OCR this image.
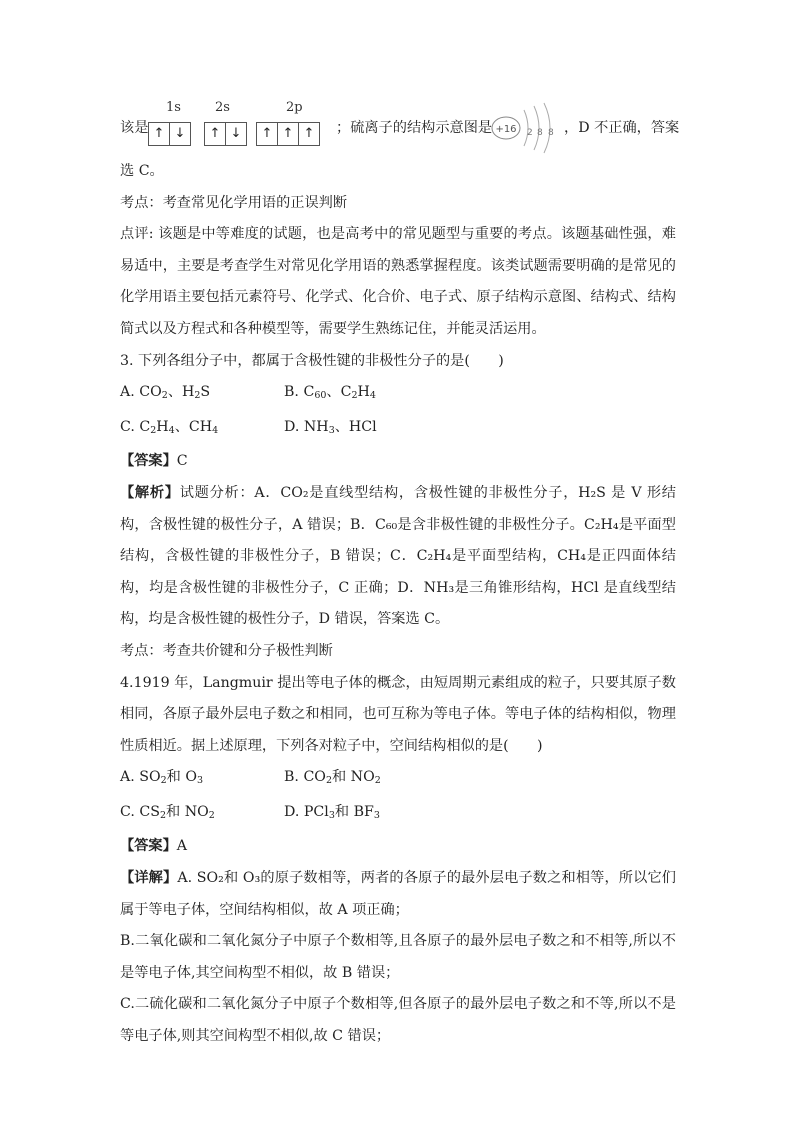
该是
1s
↑ ↓
2s
↑ ↓
2p
↑ ↑ ↑	；硫离子的结构示意图是 +16 2 8 8 ，D 不正确，答案

选 C。

考点：考查常见化学用语的正误判断

点评: 该题是中等难度的试题，也是高考中的常见题型与重要的考点。该题基础性强，难易适中，主要是考查学生对常见化学用语的熟悉掌握程度。该类试题需要明确的是常见的化学用语主要包括元素符号、化学式、化合价、电子式、原子结构示意图、结构式、结构简式以及方程式和各种模型等，需要学生熟练记住，并能灵活运用。

3. 下列各组分子中，都属于含极性键的非极性分子的是(　　)

A. $CO_2$、$H_2S$	B. $C_{60}$、$C_2H_4$

C. $C_2H_4$、$CH_4$	D. $NH_3$、HCl

【答案】C

【解析】试题分析：A．CO₂是直线型结构，含极性键的非极性分子，H₂S 是 V 形结构，含极性键的极性分子，A 错误；B．C₆₀是含非极性键的非极性分子。C₂H₄是平面型结构，含极性键的非极性分子，B 错误；C．C₂H₄是平面型结构，CH₄是正四面体结构，均是含极性键的非极性分子，C 正确；D．NH₃是三角锥形结构，HCl 是直线型结构，均是含极性键的极性分子，D 错误，答案选 C。

考点：考查共价键和分子极性判断

4.1919 年，Langmuir 提出等电子体的概念，由短周期元素组成的粒子，只要其原子数相同，各原子最外层电子数之和相同，也可互称为等电子体。等电子体的结构相似，物理性质相近。据上述原理，下列各对粒子中，空间结构相似的是(　　)

A. $SO_2$和 $O_3$	B. $CO_2$和 $NO_2$

C. $CS_2$和 $NO_2$	D. PCl$_3$和 $BF_3$

【答案】A

【详解】A. SO₂和 O₃的原子数相等，两者的各原子的最外层电子数之和相等，所以它们属于等电子体，空间结构相似，故 A 项正确；

B.二氧化碳和二氧化氮分子中原子个数相等,且各原子的最外层电子数之和不相等,所以不是等电子体,其空间构型不相似，故 B 错误；

C.二硫化碳和二氧化氮分子中原子个数相等,但各原子的最外层电子数之和不等,所以不是等电子体,则其空间构型不相似,故 C 错误；
